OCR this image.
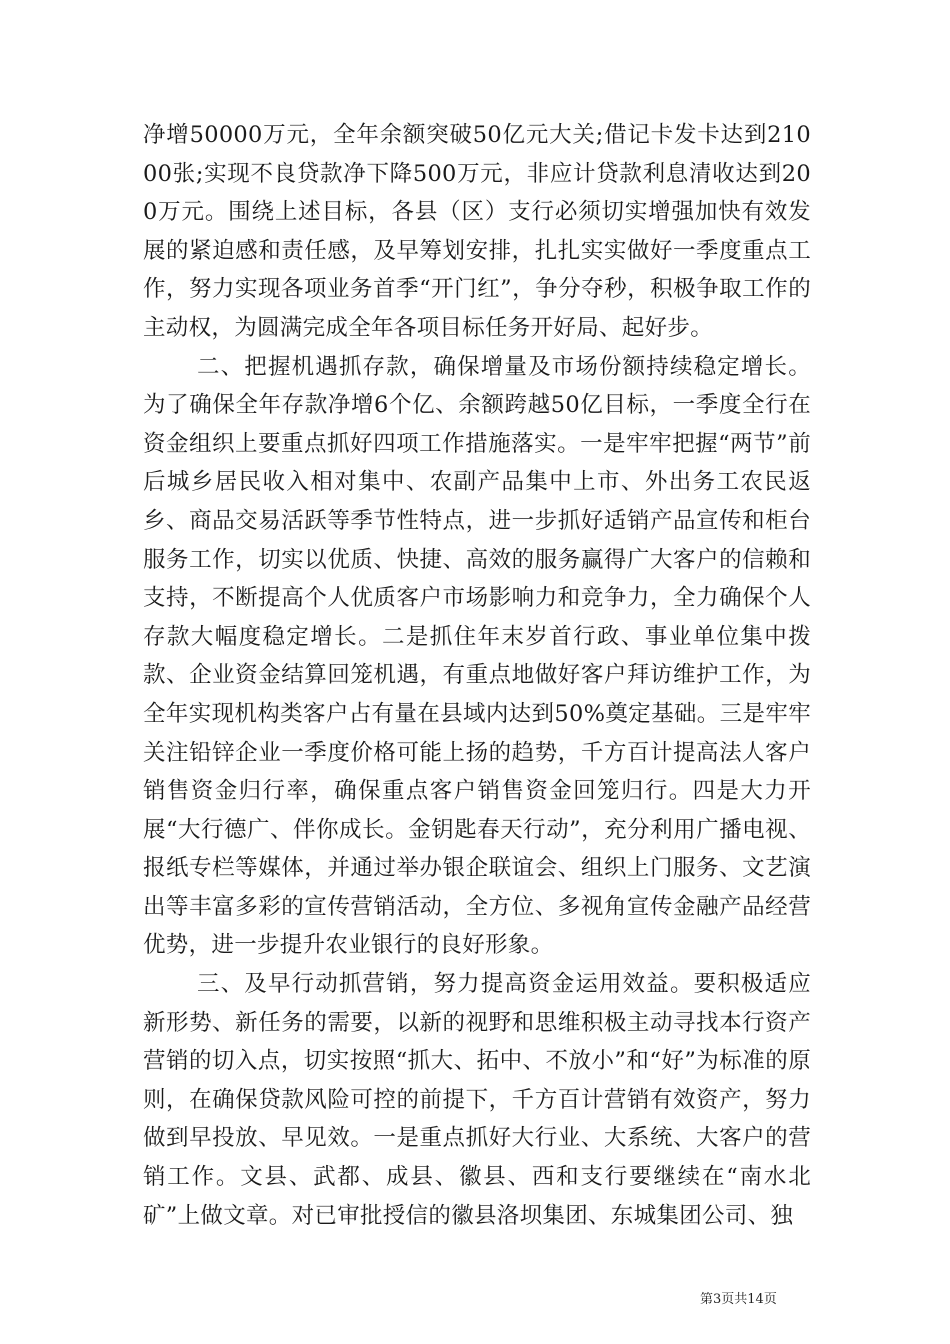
净增50000万元，全年余额突破50亿元大关;借记卡发卡达到21000张;实现不良贷款净下降500万元，非应计贷款利息清收达到200万元。围绕上述目标，各县（区）支行必须切实增强加快有效发展的紧迫感和责任感，及早筹划安排，扎扎实实做好一季度重点工作，努力实现各项业务首季“开门红”，争分夺秒，积极争取工作的主动权，为圆满完成全年各项目标任务开好局、起好步。

二、把握机遇抓存款，确保增量及市场份额持续稳定增长。为了确保全年存款净增6个亿、余额跨越50亿目标，一季度全行在资金组织上要重点抓好四项工作措施落实。一是牢牢把握“两节”前后城乡居民收入相对集中、农副产品集中上市、外出务工农民返乡、商品交易活跃等季节性特点，进一步抓好适销产品宣传和柜台服务工作，切实以优质、快捷、高效的服务赢得广大客户的信赖和支持，不断提高个人优质客户市场影响力和竞争力，全力确保个人存款大幅度稳定增长。二是抓住年末岁首行政、事业单位集中拨款、企业资金结算回笼机遇，有重点地做好客户拜访维护工作，为全年实现机构类客户占有量在县域内达到50%奠定基础。三是牢牢关注铅锌企业一季度价格可能上扬的趋势，千方百计提高法人客户销售资金归行率，确保重点客户销售资金回笼归行。四是大力开展“大行德广、伴你成长。金钥匙春天行动”，充分利用广播电视、报纸专栏等媒体，并通过举办银企联谊会、组织上门服务、文艺演出等丰富多彩的宣传营销活动，全方位、多视角宣传金融产品经营优势，进一步提升农业银行的良好形象。

三、及早行动抓营销，努力提高资金运用效益。要积极适应新形势、新任务的需要，以新的视野和思维积极主动寻找本行资产营销的切入点，切实按照“抓大、拓中、不放小”和“好”为标准的原则，在确保贷款风险可控的前提下，千方百计营销有效资产，努力做到早投放、早见效。一是重点抓好大行业、大系统、大客户的营销工作。文县、武都、成县、徽县、西和支行要继续在“南水北矿”上做文章。对已审批授信的徽县洛坝集团、东城集团公司、独

第3页共14页
